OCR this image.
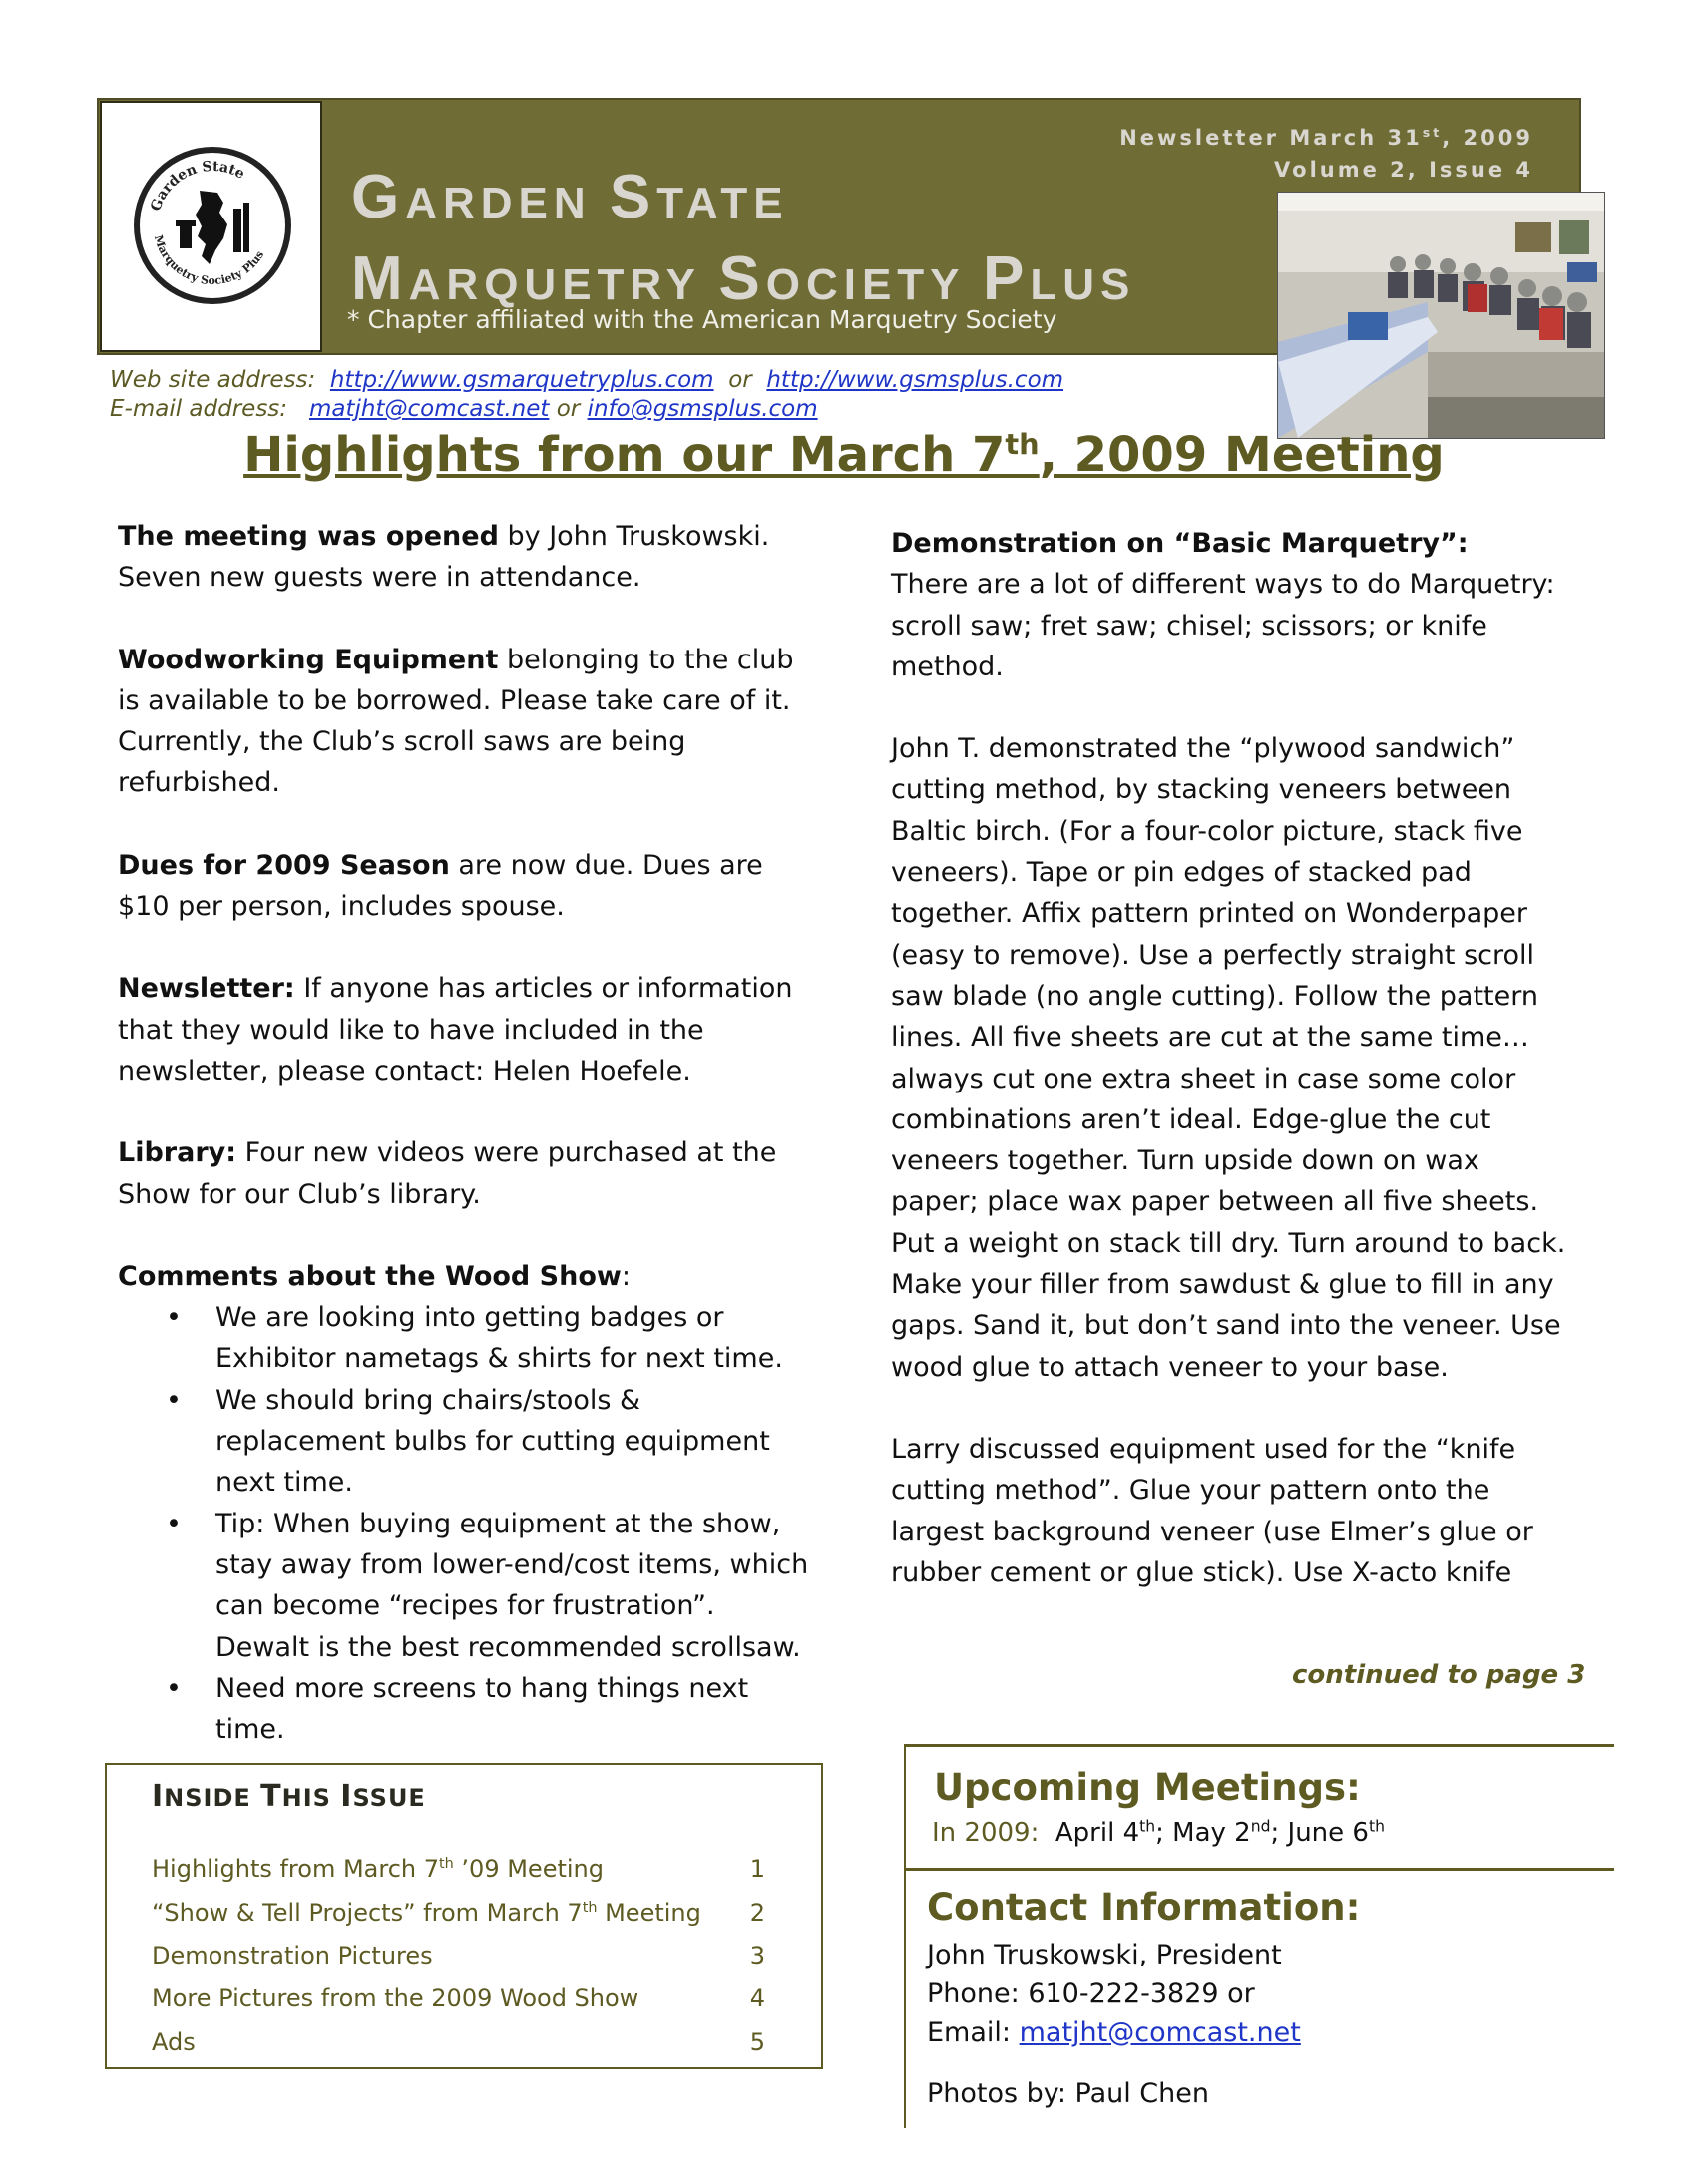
Garden State
Marquetry Society Plus
GARDEN STATE
MARQUETRY SOCIETY PLUS
* Chapter affiliated with the American Marquetry Society
Newsletter March 31st, 2009
Volume 2, Issue 4
Web site address: http://www.gsmarquetryplus.com or http://www.gsmsplus.com
E-mail address: matjht@comcast.net or info@gsmsplus.com
Highlights from our March 7th, 2009 Meeting

The meeting was opened by John Truskowski. Seven new guests were in attendance.

Woodworking Equipment belonging to the club is available to be borrowed. Please take care of it. Currently, the Club’s scroll saws are being refurbished.

Dues for 2009 Season are now due. Dues are $10 per person, includes spouse.

Newsletter: If anyone has articles or information that they would like to have included in the newsletter, please contact: Helen Hoefele.

Library: Four new videos were purchased at the Show for our Club’s library.

Comments about the Wood Show:
• We are looking into getting badges or Exhibitor nametags & shirts for next time.
• We should bring chairs/stools & replacement bulbs for cutting equipment next time.
• Tip: When buying equipment at the show, stay away from lower-end/cost items, which can become “recipes for frustration”. Dewalt is the best recommended scrollsaw.
• Need more screens to hang things next time.
Demonstration on “Basic Marquetry”:

There are a lot of different ways to do Marquetry: scroll saw; fret saw; chisel; scissors; or knife method.

John T. demonstrated the “plywood sandwich” cutting method, by stacking veneers between Baltic birch. (For a four-color picture, stack five veneers). Tape or pin edges of stacked pad together. Affix pattern printed on Wonderpaper (easy to remove). Use a perfectly straight scroll saw blade (no angle cutting). Follow the pattern lines. All five sheets are cut at the same time…always cut one extra sheet in case some color combinations aren’t ideal. Edge-glue the cut veneers together. Turn upside down on wax paper; place wax paper between all five sheets. Put a weight on stack till dry. Turn around to back. Make your filler from sawdust & glue to fill in any gaps. Sand it, but don’t sand into the veneer. Use wood glue to attach veneer to your base.

Larry discussed equipment used for the “knife cutting method”. Glue your pattern onto the largest background veneer (use Elmer’s glue or rubber cement or glue stick). Use X-acto knife

continued to page 3
INSIDE THIS ISSUE
Highlights from March 7th ’09 Meeting	1
“Show & Tell Projects” from March 7th Meeting 2
Demonstration Pictures	3
More Pictures from the 2009 Wood Show	4
Ads	5
Upcoming Meetings:
In 2009: April 4th; May 2nd; June 6th
Contact Information:
John Truskowski, President
Phone: 610-222-3829 or
Email: matjht@comcast.net
Photos by: Paul Chen
